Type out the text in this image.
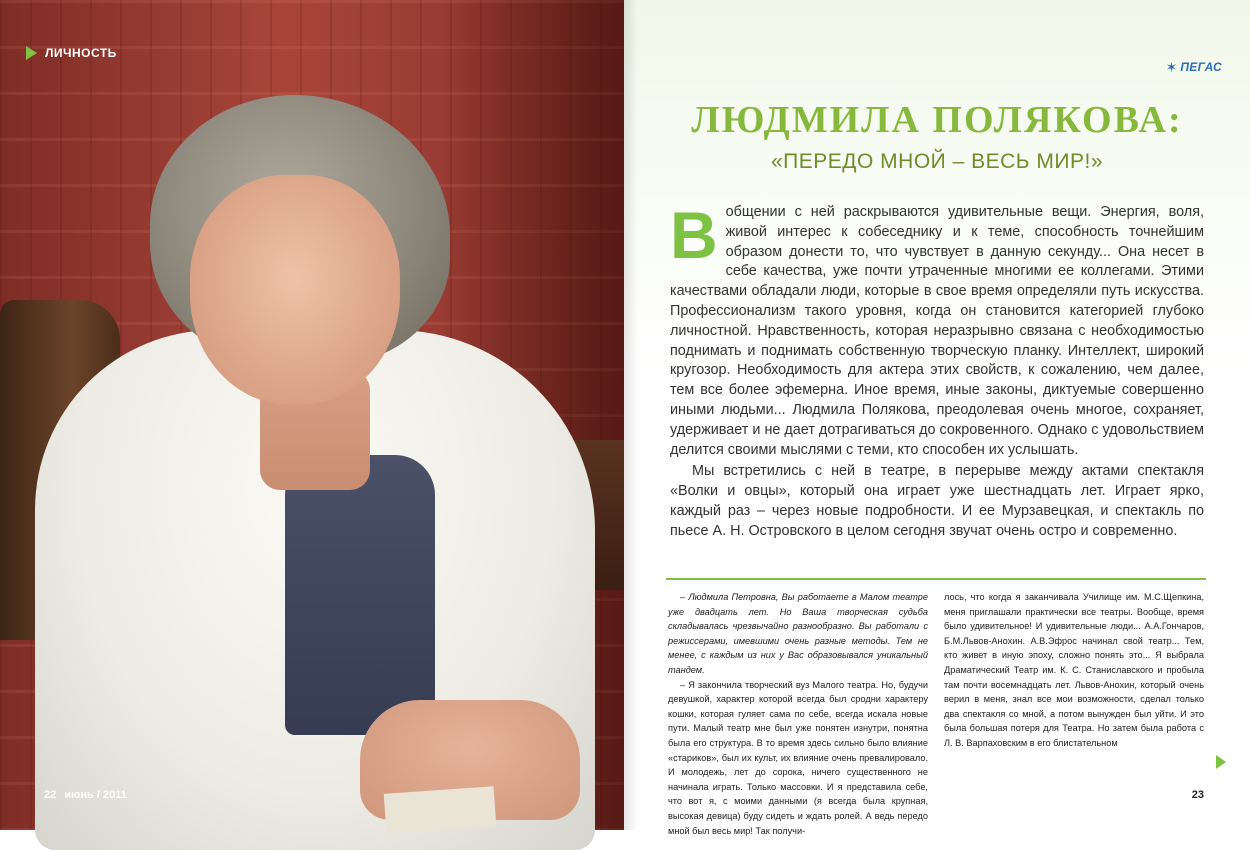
ЛИЧНОСТЬ
22 июнь / 2011
✶ ПЕГАС
ЛЮДМИЛА ПОЛЯКОВА:
«ПЕРЕДО МНОЙ – ВЕСЬ МИР!»

В общении с ней раскрываются удивительные вещи. Энергия, воля, живой интерес к собеседнику и к теме, способность точнейшим образом донести то, что чувствует в данную секунду... Она несет в себе качества, уже почти утраченные многими ее коллегами. Этими качествами обладали люди, которые в свое время определяли путь искусства. Профессионализм такого уровня, когда он становится категорией глубоко личностной. Нравственность, которая неразрывно связана с необходимостью поднимать и поднимать собственную творческую планку. Интеллект, широкий кругозор. Необходимость для актера этих свойств, к сожалению, чем далее, тем все более эфемерна. Иное время, иные законы, диктуемые совершенно иными людьми... Людмила Полякова, преодолевая очень многое, сохраняет, удерживает и не дает дотрагиваться до сокровенного. Однако с удовольствием делится своими мыслями с теми, кто способен их услышать.

Мы встретились с ней в театре, в перерыве между актами спектакля «Волки и овцы», который она играет уже шестнадцать лет. Играет ярко, каждый раз – через новые подробности. И ее Мурзавецкая, и спектакль по пьесе А. Н. Островского в целом сегодня звучат очень остро и современно.

– Людмила Петровна, Вы работаете в Малом театре уже двадцать лет. Но Ваша творческая судьба складывалась чрезвычайно разнообразно. Вы работали с режиссерами, имевшими очень разные методы. Тем не менее, с каждым из них у Вас образовывался уникальный тандем.

– Я закончила творческий вуз Малого театра. Но, будучи девушкой, характер которой всегда был сродни характеру кошки, которая гуляет сама по себе, всегда искала новые пути. Малый театр мне был уже понятен изнутри, понятна была его структура. В то время здесь сильно было влияние «стариков», был их культ, их влияние очень превалировало. И молодежь, лет до сорока, ничего существенного не начинала играть. Только массовки. И я представила себе, что вот я, с моими данными (я всегда была крупная, высокая девица) буду сидеть и ждать ролей. А ведь передо мной был весь мир! Так получи-

лось, что когда я заканчивала Училище им. М.С.Щепкина, меня приглашали практически все театры. Вообще, время было удивительное! И удивительные люди... А.А.Гончаров, Б.М.Львов-Анохин. А.В.Эфрос начинал свой театр... Тем, кто живет в иную эпоху, сложно понять это... Я выбрала Драматический Театр им. К. С. Станиславского и пробыла там почти восемнадцать лет. Львов-Анохин, который очень верил в меня, знал все мои возможности, сделал только два спектакля со мной, а потом вынужден был уйти. И это была большая потеря для Театра. Но затем была работа с Л. В. Варпаховским в его блистательном

23
